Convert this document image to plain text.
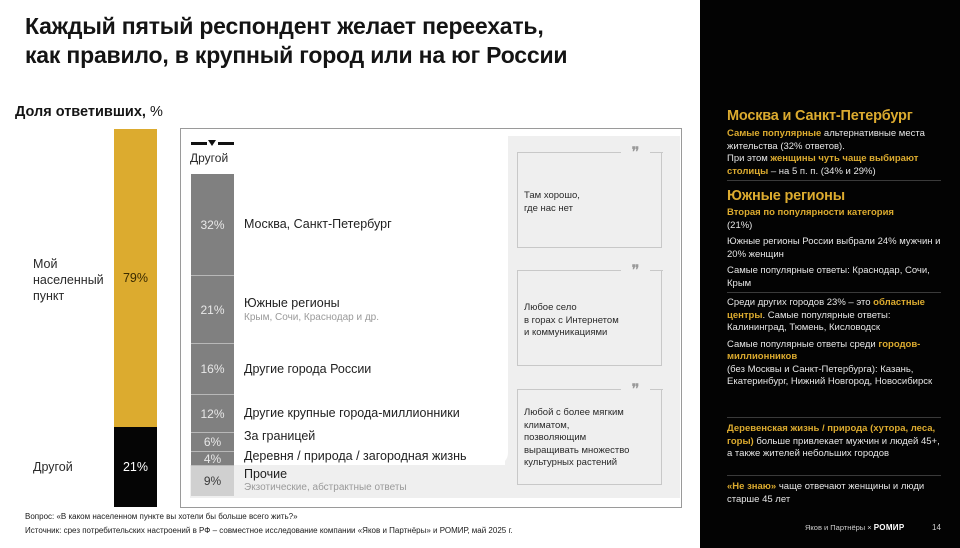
Каждый пятый респондент желает переехать,
как правило, в крупный город или на юг России
Доля ответивших, %
Мой
населенный
пункт
Другой
79%
21%
Другой
32%
21%
16%
12%
6%
4%
9%
Москва, Санкт-Петербург
Южные регионы
Крым, Сочи, Краснодар и др.
Другие города России
Другие крупные города-миллионники
За границей
Деревня / природа / загородная жизнь
Прочие
Экзотические, абстрактные ответы
❜❜
Там хорошо,
где нас нет
❜❜
Любое село
в горах с Интернетом
и коммуникациями
❜❜
Любой с более мягким
климатом,
позволяющим
выращивать множество
культурных растений
Вопрос: «В каком населенном пункте вы хотели бы больше всего жить?»
Источник: срез потребительских настроений в РФ – совместное исследование компании «Яков и Партнёры» и РОМИР, май 2025 г.
Москва и Санкт-Петербург
Самые популярные альтернативные места жительства (32% ответов).
При этом женщины чуть чаще выбирают столицы – на 5 п. п. (34% и 29%)
Южные регионы
Вторая по популярности категория
(21%)
Южные регионы России выбрали 24% мужчин и 20% женщин
Самые популярные ответы: Краснодар, Сочи, Крым
Среди других городов 23% – это областные центры. Самые популярные ответы: Калининград, Тюмень, Кисловодск
Самые популярные ответы среди городов-миллионников
(без Москвы и Санкт-Петербурга): Казань, Екатеринбург, Нижний Новгород, Новосибирск
Деревенская жизнь / природа (хутора, леса, горы) больше привлекает мужчин и людей 45+, а также жителей небольших городов
«Не знаю» чаще отвечают женщины и люди старше 45 лет
Яков и Партнёры × РОМИР	14
